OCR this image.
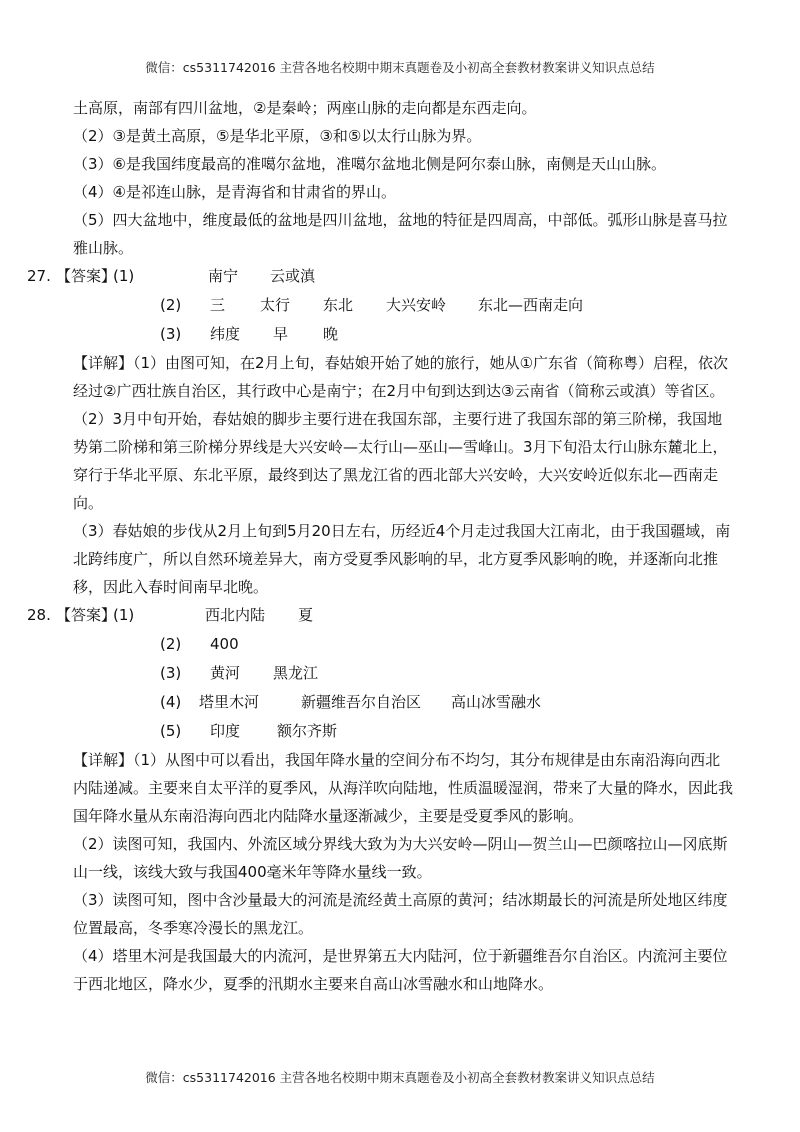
微信：cs5311742016 主营各地名校期中期末真题卷及小初高全套教材教案讲义知识点总结

土高原，南部有四川盆地，②是秦岭；两座山脉的走向都是东西走向。

（2）③是黄土高原，⑤是华北平原，③和⑤以太行山脉为界。

（3）⑥是我国纬度最高的准噶尔盆地，准噶尔盆地北侧是阿尔泰山脉，南侧是天山山脉。

（4）④是祁连山脉，是青海省和甘肃省的界山。

（5）四大盆地中，维度最低的盆地是四川盆地，盆地的特征是四周高，中部低。弧形山脉是喜马拉雅山脉。

27. 【答案】
(1)	南宁 云或滇
(2) 三 太行 东北 大兴安岭 东北—西南走向
(3) 纬度 早 晚

【详解】（1）由图可知，在2月上旬，春姑娘开始了她的旅行，她从①广东省（简称粤）启程，依次经过②广西壮族自治区，其行政中心是南宁；在2月中旬到达到达③云南省（简称云或滇）等省区。

（2）3月中旬开始，春姑娘的脚步主要行进在我国东部，主要行进了我国东部的第三阶梯，我国地势第二阶梯和第三阶梯分界线是大兴安岭—太行山—巫山—雪峰山。3月下旬沿太行山脉东麓北上，穿行于华北平原、东北平原，最终到达了黑龙江省的西北部大兴安岭，大兴安岭近似东北—西南走向。

（3）春姑娘的步伐从2月上旬到5月20日左右，历经近4个月走过我国大江南北，由于我国疆域，南北跨纬度广，所以自然环境差异大，南方受夏季风影响的早，北方夏季风影响的晚，并逐渐向北推移，因此入春时间南早北晚。

28. 【答案】
(1)	西北内陆 夏
(2) 400
(3) 黄河 黑龙江
(4) 塔里木河	新疆维吾尔自治区 高山冰雪融水
(5) 印度 额尔齐斯

【详解】（1）从图中可以看出，我国年降水量的空间分布不均匀，其分布规律是由东南沿海向西北内陆递减。主要来自太平洋的夏季风，从海洋吹向陆地，性质温暖湿润，带来了大量的降水，因此我国年降水量从东南沿海向西北内陆降水量逐渐减少，主要是受夏季风的影响。

（2）读图可知，我国内、外流区域分界线大致为为大兴安岭—阴山—贺兰山—巴颜喀拉山—冈底斯山一线，该线大致与我国400毫米年等降水量线一致。

（3）读图可知，图中含沙量最大的河流是流经黄土高原的黄河；结冰期最长的河流是所处地区纬度位置最高，冬季寒冷漫长的黑龙江。

（4）塔里木河是我国最大的内流河，是世界第五大内陆河，位于新疆维吾尔自治区。内流河主要位于西北地区，降水少，夏季的汛期水主要来自高山冰雪融水和山地降水。

微信：cs5311742016 主营各地名校期中期末真题卷及小初高全套教材教案讲义知识点总结
